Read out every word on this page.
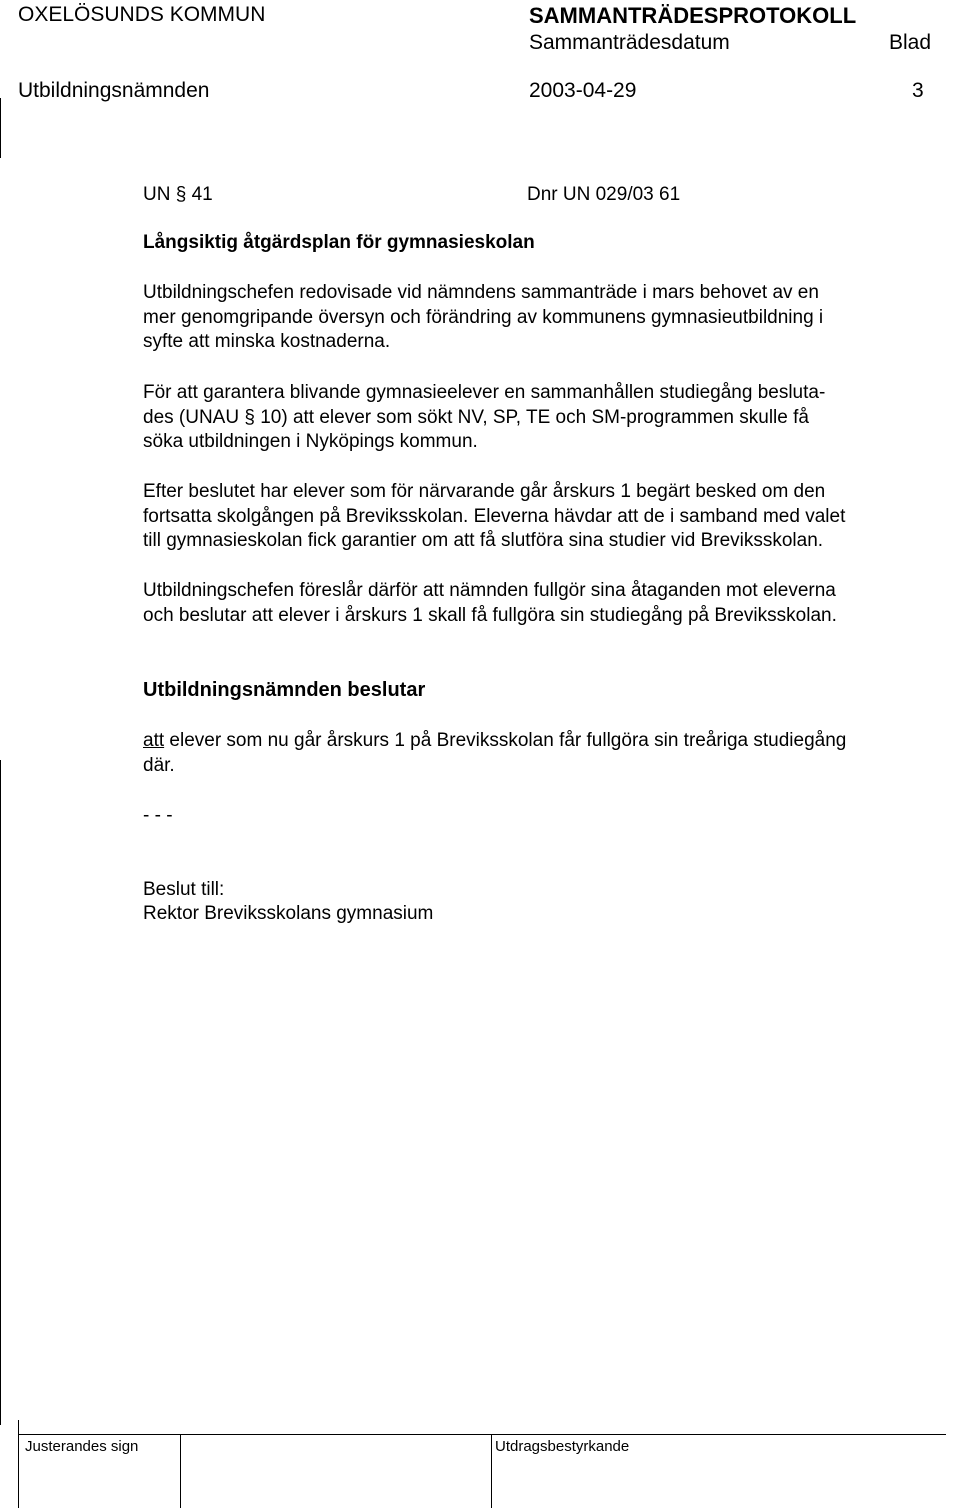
OXELÖSUNDS KOMMUN	SAMMANTRÄDESPROTOKOLL
Sammanträdesdatum	Blad
Utbildningsnämnden	2003-04-29	3
UN § 41	Dnr UN 029/03 61
Långsiktig åtgärdsplan för gymnasieskolan
Utbildningschefen redovisade vid nämndens sammanträde i mars behovet av en
mer genomgripande översyn och förändring av kommunens gymnasieutbildning i
syfte att minska kostnaderna.
För att garantera blivande gymnasieelever en sammanhållen studiegång besluta-
des (UNAU § 10) att elever som sökt NV, SP, TE och SM-programmen skulle få
söka utbildningen i Nyköpings kommun.
Efter beslutet har elever som för närvarande går årskurs 1 begärt besked om den
fortsatta skolgången på Breviksskolan. Eleverna hävdar att de i samband med valet
till gymnasieskolan fick garantier om att få slutföra sina studier vid Breviksskolan.
Utbildningschefen föreslår därför att nämnden fullgör sina åtaganden mot eleverna
och beslutar att elever i årskurs 1 skall få fullgöra sin studiegång på Breviksskolan.
Utbildningsnämnden beslutar
att elever som nu går årskurs 1 på Breviksskolan får fullgöra sin treåriga studiegång
där.
- - -
Beslut till:
Rektor Breviksskolans gymnasium
Justerandes sign	Utdragsbestyrkande
